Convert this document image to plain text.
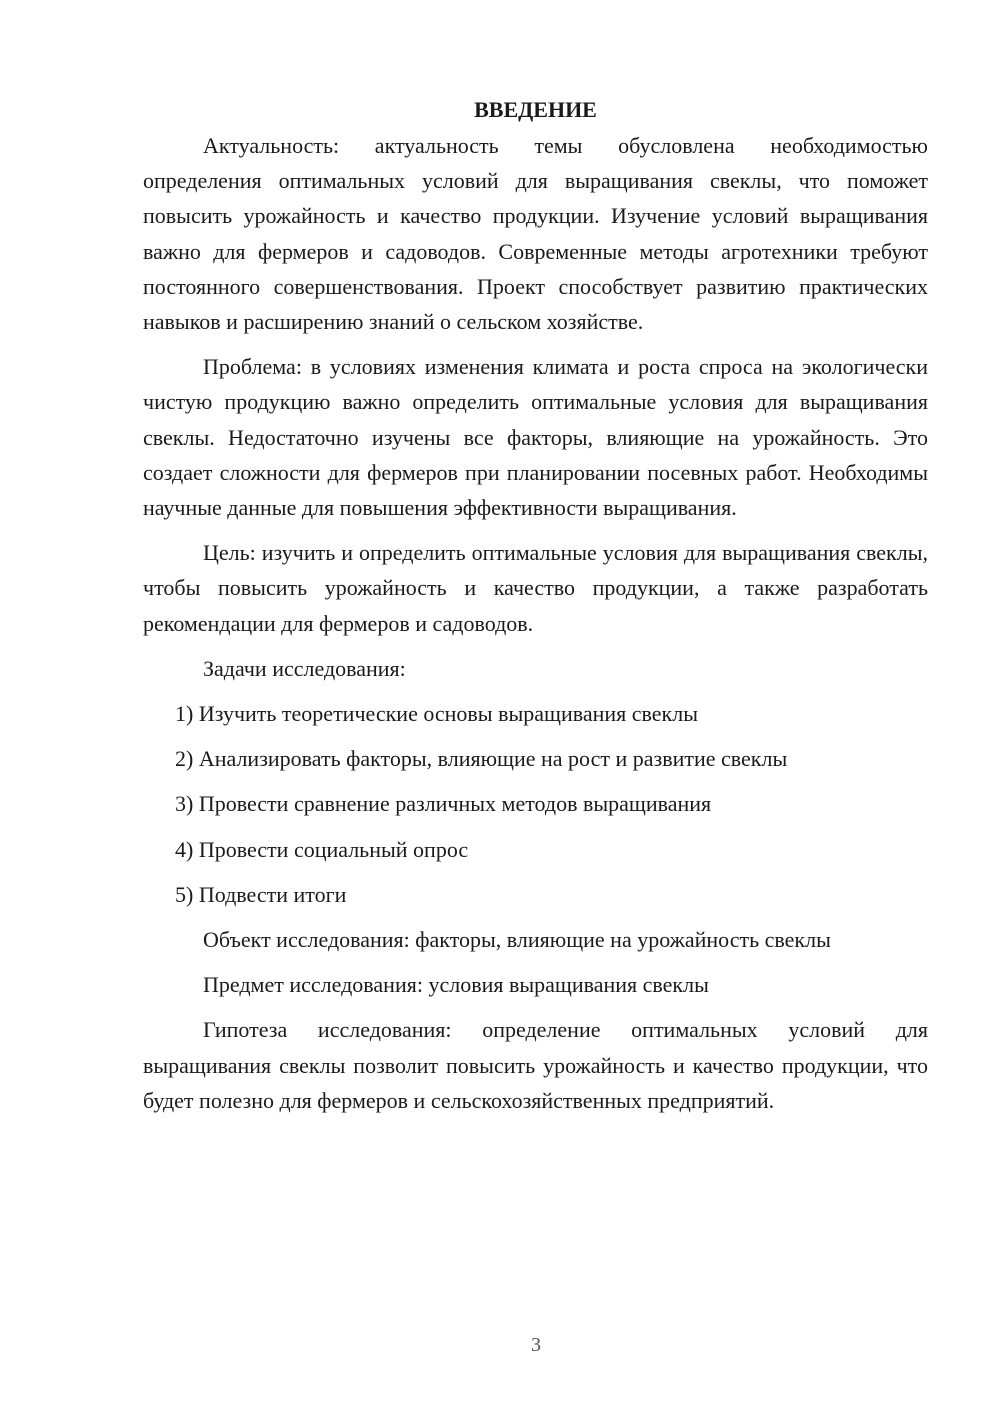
ВВЕДЕНИЕ

Актуальность: актуальность темы обусловлена необходимостью определения оптимальных условий для выращивания свеклы, что поможет повысить урожайность и качество продукции. Изучение условий выращивания важно для фермеров и садоводов. Современные методы агротехники требуют постоянного совершенствования. Проект способствует развитию практических навыков и расширению знаний о сельском хозяйстве.

Проблема: в условиях изменения климата и роста спроса на экологически чистую продукцию важно определить оптимальные условия для выращивания свеклы. Недостаточно изучены все факторы, влияющие на урожайность. Это создает сложности для фермеров при планировании посевных работ. Необходимы научные данные для повышения эффективности выращивания.

Цель: изучить и определить оптимальные условия для выращивания свеклы, чтобы повысить урожайность и качество продукции, а также разработать рекомендации для фермеров и садоводов.

Задачи исследования:
1) Изучить теоретические основы выращивания свеклы
2) Анализировать факторы, влияющие на рост и развитие свеклы
3) Провести сравнение различных методов выращивания
4) Провести социальный опрос
5) Подвести итоги
Объект исследования: факторы, влияющие на урожайность свеклы
Предмет исследования: условия выращивания свеклы

Гипотеза исследования: определение оптимальных условий для выращивания свеклы позволит повысить урожайность и качество продукции, что будет полезно для фермеров и сельскохозяйственных предприятий.

3
